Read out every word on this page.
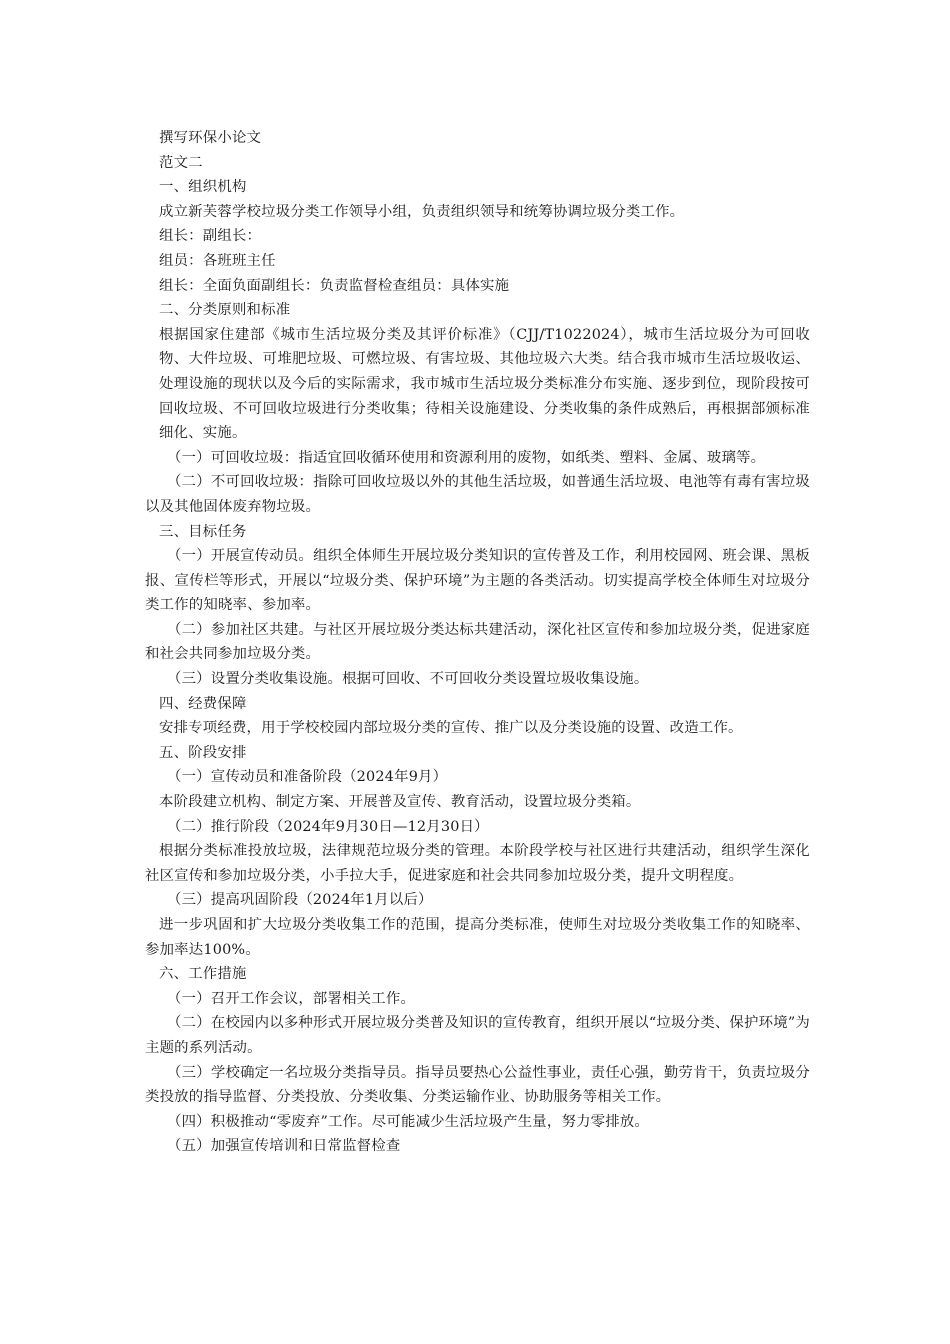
撰写环保小论文
范文二
一、组织机构
成立新芙蓉学校垃圾分类工作领导小组，负责组织领导和统筹协调垃圾分类工作。
组长：副组长：
组员：各班班主任
组长：全面负面副组长：负责监督检查组员：具体实施
二、分类原则和标准
根据国家住建部《城市生活垃圾分类及其评价标准》（CJJ/T1022024），城市生活垃圾分为可回收物、大件垃圾、可堆肥垃圾、可燃垃圾、有害垃圾、其他垃圾六大类。结合我市城市生活垃圾收运、处理设施的现状以及今后的实际需求，我市城市生活垃圾分类标准分布实施、逐步到位，现阶段按可回收垃圾、不可回收垃圾进行分类收集；待相关设施建设、分类收集的条件成熟后，再根据部颁标准细化、实施。
（一）可回收垃圾：指适宜回收循环使用和资源利用的废物，如纸类、塑料、金属、玻璃等。
（二）不可回收垃圾：指除可回收垃圾以外的其他生活垃圾，如普通生活垃圾、电池等有毒有害垃圾以及其他固体废弃物垃圾。
三、目标任务
（一）开展宣传动员。组织全体师生开展垃圾分类知识的宣传普及工作，利用校园网、班会课、黑板报、宣传栏等形式，开展以“垃圾分类、保护环境”为主题的各类活动。切实提高学校全体师生对垃圾分类工作的知晓率、参加率。
（二）参加社区共建。与社区开展垃圾分类达标共建活动，深化社区宣传和参加垃圾分类，促进家庭和社会共同参加垃圾分类。
（三）设置分类收集设施。根据可回收、不可回收分类设置垃圾收集设施。
四、经费保障
安排专项经费，用于学校校园内部垃圾分类的宣传、推广以及分类设施的设置、改造工作。
五、阶段安排
（一）宣传动员和准备阶段（2024年9月）
本阶段建立机构、制定方案、开展普及宣传、教育活动，设置垃圾分类箱。
（二）推行阶段（2024年9月30日—12月30日）
根据分类标准投放垃圾，法律规范垃圾分类的管理。本阶段学校与社区进行共建活动，组织学生深化社区宣传和参加垃圾分类，小手拉大手，促进家庭和社会共同参加垃圾分类，提升文明程度。
（三）提高巩固阶段（2024年1月以后）
进一步巩固和扩大垃圾分类收集工作的范围，提高分类标准，使师生对垃圾分类收集工作的知晓率、参加率达100%。
六、工作措施
（一）召开工作会议，部署相关工作。
（二）在校园内以多种形式开展垃圾分类普及知识的宣传教育，组织开展以“垃圾分类、保护环境”为主题的系列活动。
（三）学校确定一名垃圾分类指导员。指导员要热心公益性事业，责任心强，勤劳肯干，负责垃圾分类投放的指导监督、分类投放、分类收集、分类运输作业、协助服务等相关工作。
（四）积极推动“零废弃”工作。尽可能减少生活垃圾产生量，努力零排放。
（五）加强宣传培训和日常监督检查
